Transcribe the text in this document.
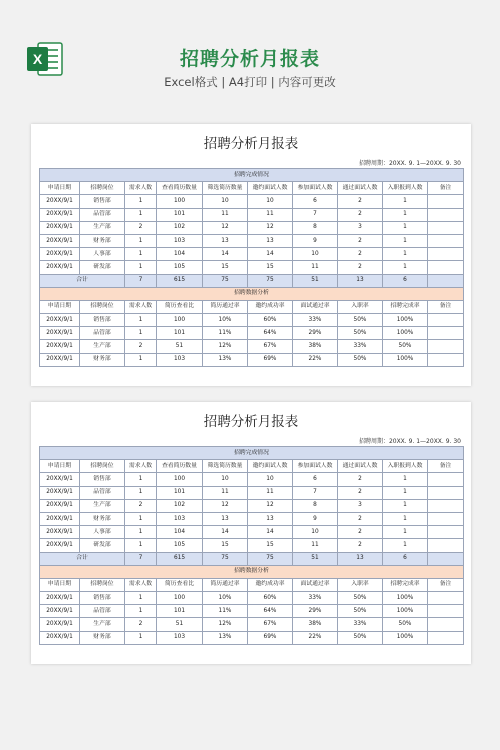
X	招聘分析月报表
Excel格式 | A4打印 | 内容可更改
招聘分析月报表
招聘周期：20XX. 9. 1—20XX. 9. 30
招聘完成情况									
申请日期	招聘岗位	需求人数	查看简历数量	筛选简历数量	邀约面试人数	参加面试人数	通过面试人数	入职报到人数	备注
20XX/9/1	销售部	1	100	10	10	6	2	1	
20XX/9/1	品管部	1	101	11	11	7	2	1	
20XX/9/1	生产部	2	102	12	12	8	3	1	
20XX/9/1	财务部	1	103	13	13	9	2	1	
20XX/9/1	人事部	1	104	14	14	10	2	1	
20XX/9/1	研发部	1	105	15	15	11	2	1	
合计		7	615	75	75	51	13	6	
招聘数据分析									
申请日期	招聘岗位	需求人数	简历查看比	简历通过率	邀约成功率	面试通过率	入职率	招聘完成率	备注
20XX/9/1	销售部	1	100	10%	60%	33%	50%	100%	
20XX/9/1	品管部	1	101	11%	64%	29%	50%	100%	
20XX/9/1	生产部	2	51	12%	67%	38%	33%	50%	
20XX/9/1	财务部	1	103	13%	69%	22%	50%	100%	
招聘分析月报表
招聘周期：20XX. 9. 1—20XX. 9. 30
招聘完成情况									
申请日期	招聘岗位	需求人数	查看简历数量	筛选简历数量	邀约面试人数	参加面试人数	通过面试人数	入职报到人数	备注
20XX/9/1	销售部	1	100	10	10	6	2	1	
20XX/9/1	品管部	1	101	11	11	7	2	1	
20XX/9/1	生产部	2	102	12	12	8	3	1	
20XX/9/1	财务部	1	103	13	13	9	2	1	
20XX/9/1	人事部	1	104	14	14	10	2	1	
20XX/9/1	研发部	1	105	15	15	11	2	1	
合计		7	615	75	75	51	13	6	
招聘数据分析									
申请日期	招聘岗位	需求人数	简历查看比	简历通过率	邀约成功率	面试通过率	入职率	招聘完成率	备注
20XX/9/1	销售部	1	100	10%	60%	33%	50%	100%	
20XX/9/1	品管部	1	101	11%	64%	29%	50%	100%	
20XX/9/1	生产部	2	51	12%	67%	38%	33%	50%	
20XX/9/1	财务部	1	103	13%	69%	22%	50%	100%	
